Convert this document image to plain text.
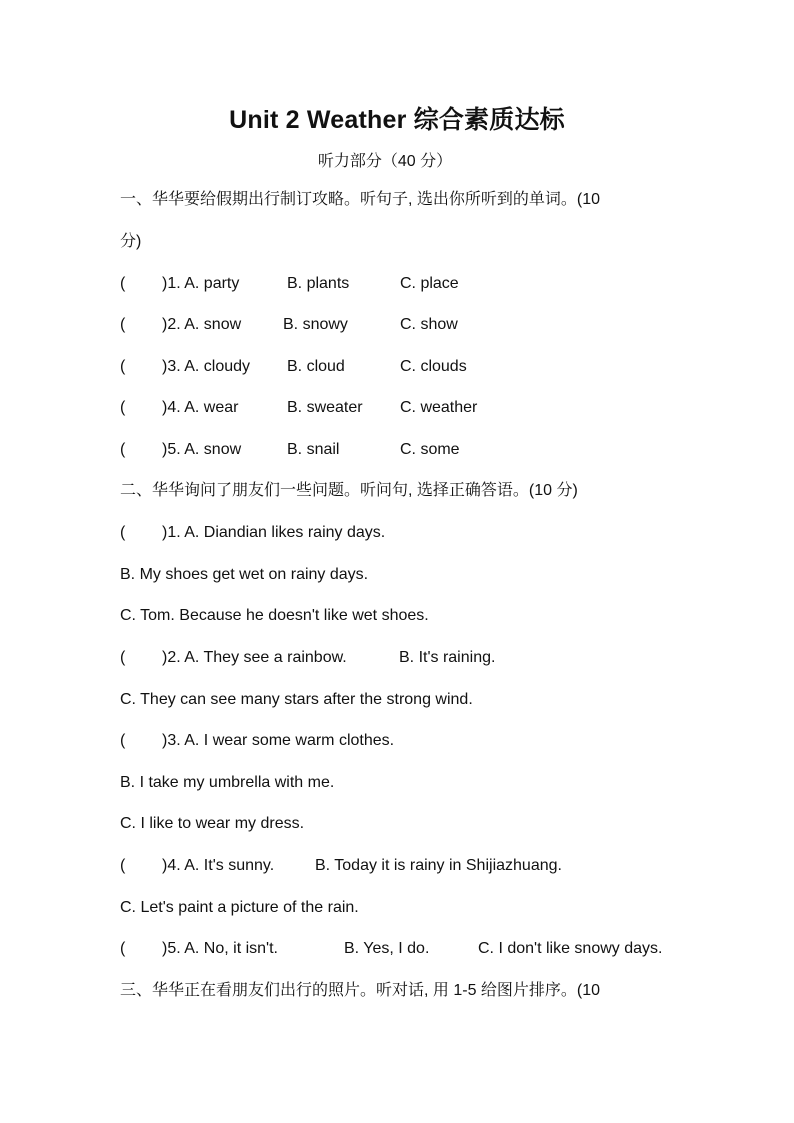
Unit 2 Weather 综合素质达标
听力部分（40 分）
一、华华要给假期出行制订攻略。听句子, 选出你所听到的单词。(10
分)
( )1. A. party	B. plants	C. place
( )2. A. snow	B. snowy	C. show
( )3. A. cloudy B. cloud	C. clouds
( )4. A. wear	B. sweater C. weather
( )5. A. snow	B. snail	C. some
二、华华询问了朋友们一些问题。听问句, 选择正确答语。(10 分)
( )1. A. Diandian likes rainy days.
B. My shoes get wet on rainy days.
C. Tom. Because he doesn't like wet shoes.
( )2. A. They see a rainbow.	B. It's raining.
C. They can see many stars after the strong wind.
( )3. A. I wear some warm clothes.
B. I take my umbrella with me.
C. I like to wear my dress.
( )4. A. It's sunny.	B. Today it is rainy in Shijiazhuang.
C. Let's paint a picture of the rain.
( )5. A. No, it isn't.	B. Yes, I do.	C. I don't like snowy days.
三、华华正在看朋友们出行的照片。听对话, 用 1-5 给图片排序。(10
